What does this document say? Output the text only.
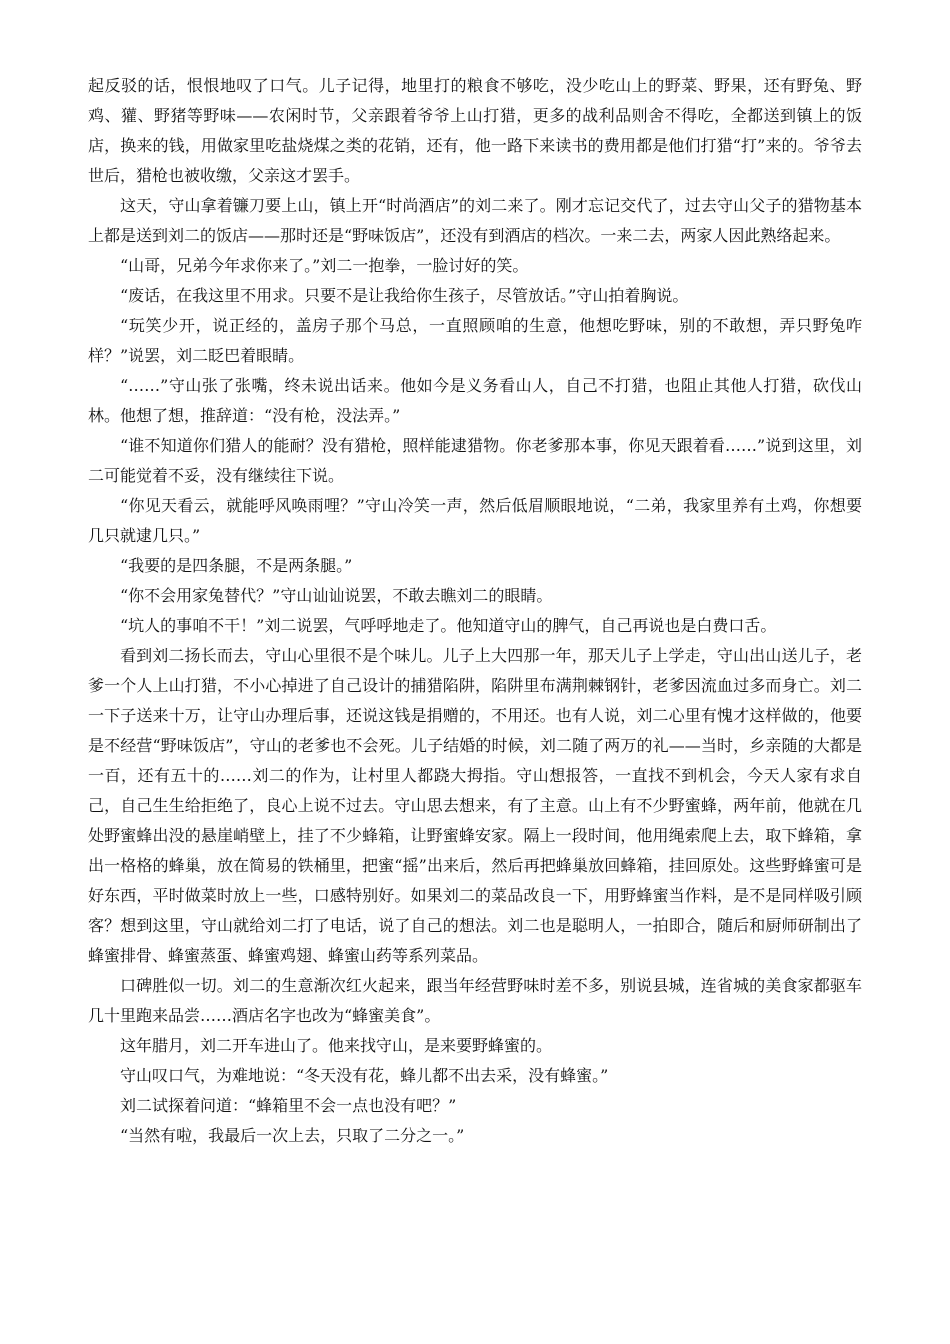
起反驳的话，恨恨地叹了口气。儿子记得，地里打的粮食不够吃，没少吃山上的野菜、野果，还有野兔、野鸡、獾、野猪等野味——农闲时节，父亲跟着爷爷上山打猎，更多的战利品则舍不得吃，全都送到镇上的饭店，换来的钱，用做家里吃盐烧煤之类的花销，还有，他一路下来读书的费用都是他们打猎“打”来的。爷爷去世后，猎枪也被收缴，父亲这才罢手。

这天，守山拿着镰刀要上山，镇上开“时尚酒店”的刘二来了。刚才忘记交代了，过去守山父子的猎物基本上都是送到刘二的饭店——那时还是“野味饭店”，还没有到酒店的档次。一来二去，两家人因此熟络起来。

“山哥，兄弟今年求你来了。”刘二一抱拳，一脸讨好的笑。

“废话，在我这里不用求。只要不是让我给你生孩子，尽管放话。”守山拍着胸说。

“玩笑少开，说正经的，盖房子那个马总，一直照顾咱的生意，他想吃野味，别的不敢想，弄只野兔咋样？”说罢，刘二眨巴着眼睛。

“……”守山张了张嘴，终未说出话来。他如今是义务看山人，自己不打猎，也阻止其他人打猎，砍伐山林。他想了想，推辞道：“没有枪，没法弄。”

“谁不知道你们猎人的能耐？没有猎枪，照样能逮猎物。你老爹那本事，你见天跟着看……”说到这里，刘二可能觉着不妥，没有继续往下说。

“你见天看云，就能呼风唤雨哩？”守山冷笑一声，然后低眉顺眼地说，“二弟，我家里养有土鸡，你想要几只就逮几只。”

“我要的是四条腿，不是两条腿。”

“你不会用家兔替代？”守山讪讪说罢，不敢去瞧刘二的眼睛。

“坑人的事咱不干！”刘二说罢，气呼呼地走了。他知道守山的脾气，自己再说也是白费口舌。

看到刘二扬长而去，守山心里很不是个味儿。儿子上大四那一年，那天儿子上学走，守山出山送儿子，老爹一个人上山打猎，不小心掉进了自己设计的捕猎陷阱，陷阱里布满荆棘钢针，老爹因流血过多而身亡。刘二一下子送来十万，让守山办理后事，还说这钱是捐赠的，不用还。也有人说，刘二心里有愧才这样做的，他要是不经营“野味饭店”，守山的老爹也不会死。儿子结婚的时候，刘二随了两万的礼——当时，乡亲随的大都是一百，还有五十的……刘二的作为，让村里人都跷大拇指。守山想报答，一直找不到机会，今天人家有求自己，自己生生给拒绝了，良心上说不过去。守山思去想来，有了主意。山上有不少野蜜蜂，两年前，他就在几处野蜜蜂出没的悬崖峭壁上，挂了不少蜂箱，让野蜜蜂安家。隔上一段时间，他用绳索爬上去，取下蜂箱，拿出一格格的蜂巢，放在简易的铁桶里，把蜜“摇”出来后，然后再把蜂巢放回蜂箱，挂回原处。这些野蜂蜜可是好东西，平时做菜时放上一些，口感特别好。如果刘二的菜品改良一下，用野蜂蜜当作料，是不是同样吸引顾客？想到这里，守山就给刘二打了电话，说了自己的想法。刘二也是聪明人，一拍即合，随后和厨师研制出了蜂蜜排骨、蜂蜜蒸蛋、蜂蜜鸡翅、蜂蜜山药等系列菜品。

口碑胜似一切。刘二的生意渐次红火起来，跟当年经营野味时差不多，别说县城，连省城的美食家都驱车几十里跑来品尝……酒店名字也改为“蜂蜜美食”。

这年腊月，刘二开车进山了。他来找守山，是来要野蜂蜜的。

守山叹口气，为难地说：“冬天没有花，蜂儿都不出去采，没有蜂蜜。”

刘二试探着问道：“蜂箱里不会一点也没有吧？”

“当然有啦，我最后一次上去，只取了二分之一。”
